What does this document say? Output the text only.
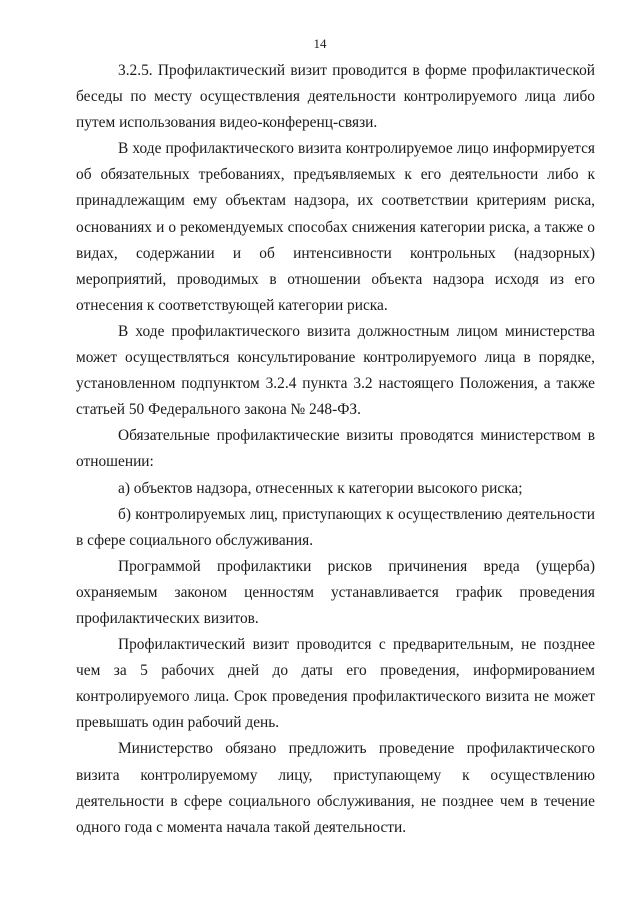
14

3.2.5. Профилактический визит проводится в форме профилактической беседы по месту осуществления деятельности контролируемого лица либо путем использования видео-конференц-связи.

В ходе профилактического визита контролируемое лицо информируется об обязательных требованиях, предъявляемых к его деятельности либо к принадлежащим ему объектам надзора, их соответствии критериям риска, основаниях и о рекомендуемых способах снижения категории риска, а также о видах, содержании и об интенсивности контрольных (надзорных) мероприятий, проводимых в отношении объекта надзора исходя из его отнесения к соответствующей категории риска.

В ходе профилактического визита должностным лицом министерства может осуществляться консультирование контролируемого лица в порядке, установленном подпунктом 3.2.4 пункта 3.2 настоящего Положения, а также статьей 50 Федерального закона № 248-ФЗ.

Обязательные профилактические визиты проводятся министерством в отношении:

а) объектов надзора, отнесенных к категории высокого риска;

б) контролируемых лиц, приступающих к осуществлению деятельности в сфере социального обслуживания.

Программой профилактики рисков причинения вреда (ущерба) охраняемым законом ценностям устанавливается график проведения профилактических визитов.

Профилактический визит проводится с предварительным, не позднее чем за 5 рабочих дней до даты его проведения, информированием контролируемого лица. Срок проведения профилактического визита не может превышать один рабочий день.

Министерство обязано предложить проведение профилактического визита контролируемому лицу, приступающему к осуществлению деятельности в сфере социального обслуживания, не позднее чем в течение одного года с момента начала такой деятельности.
